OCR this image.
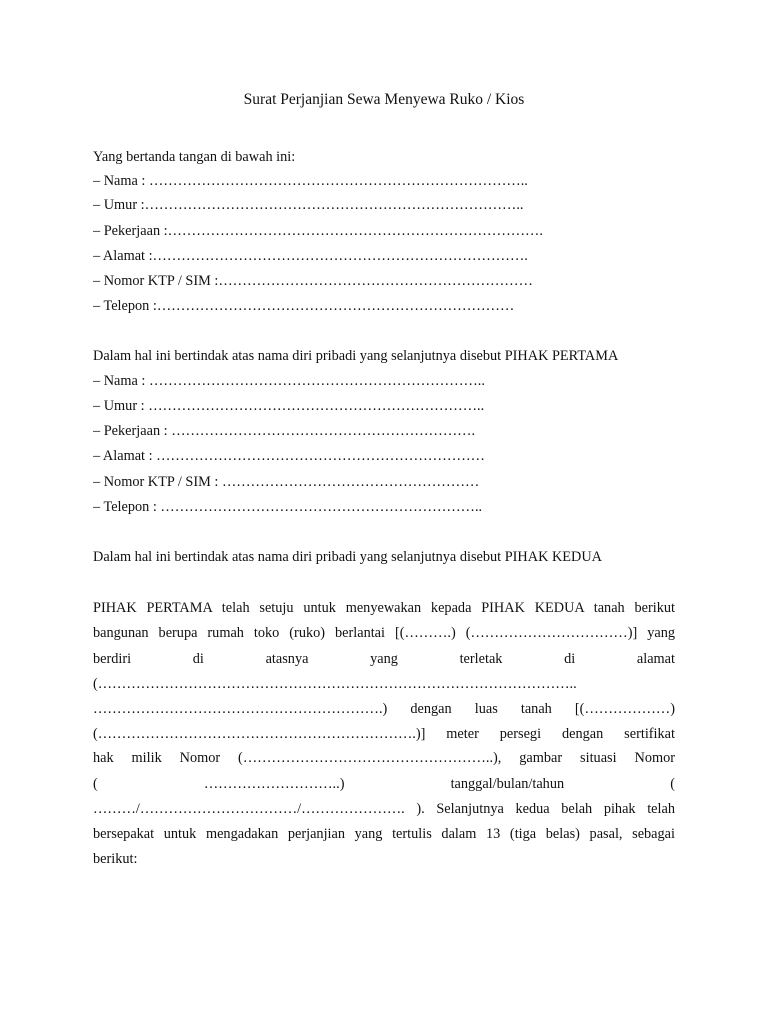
Surat Perjanjian Sewa Menyewa Ruko / Kios
Yang bertanda tangan di bawah ini:
– Nama : ……………………………………………………………………..
– Umur :……………………………………………………………………..
– Pekerjaan :…………………………………………………………………….
– Alamat :…………………………………………………………………….
– Nomor KTP / SIM :…………………………………………………………
– Telepon :…………………………………………………………………
Dalam hal ini bertindak atas nama diri pribadi yang selanjutnya disebut PIHAK PERTAMA
– Nama : ……………………………………………………………..
– Umur : ……………………………………………………………..
– Pekerjaan : ……………………………………………………….
– Alamat : ……………………………………………………………
– Nomor KTP / SIM : ………………………………………………
– Telepon : …………………………………………………………..
Dalam hal ini bertindak atas nama diri pribadi yang selanjutnya disebut PIHAK KEDUA
PIHAK PERTAMA telah setuju untuk menyewakan kepada PIHAK KEDUA tanah berikut
bangunan berupa rumah toko (ruko) berlantai [(……….) (……………………………)] yang
berdiri di atasnya yang terletak di alamat
(………………………………………………………………………………………..
…………………………………………………….) dengan luas tanah [(………………)
(………………………………………………………….)] meter persegi dengan sertifikat
hak milik Nomor (……………………………………………..), gambar situasi Nomor
( ………………………..) tanggal/bulan/tahun (
………/……………………………/…………………. ). Selanjutnya kedua belah pihak telah
bersepakat untuk mengadakan perjanjian yang tertulis dalam 13 (tiga belas) pasal, sebagai
berikut:
